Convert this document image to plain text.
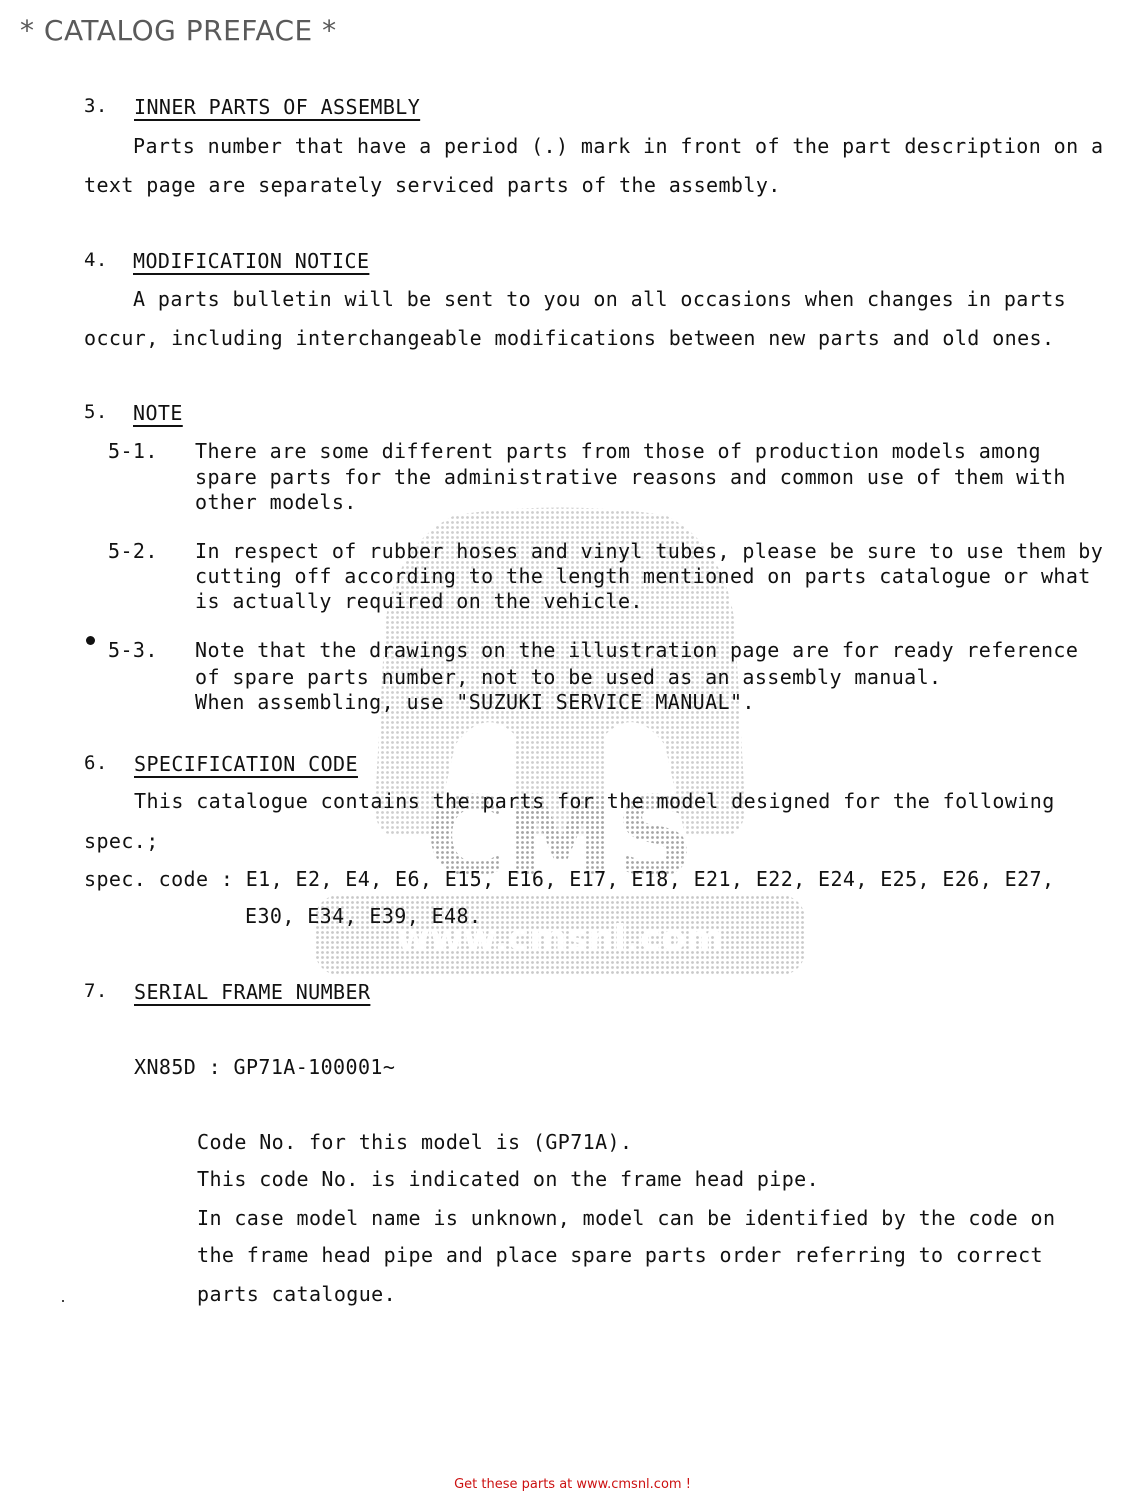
CMS
www.cmsnl.com
* CATALOG PREFACE *
3. INNER PARTS OF ASSEMBLY
Parts number that have a period (.) mark in front of the part description on a
text page are separately serviced parts of the assembly.
4. MODIFICATION NOTICE
A parts bulletin will be sent to you on all occasions when changes in parts
occur, including interchangeable modifications between new parts and old ones.
5. NOTE
5-1. There are some different parts from those of production models among
spare parts for the administrative reasons and common use of them with
other models.
5-2. In respect of rubber hoses and vinyl tubes, please be sure to use them by
cutting off according to the length mentioned on parts catalogue or what
is actually required on the vehicle.
5-3. Note that the drawings on the illustration page are for ready reference
of spare parts number, not to be used as an assembly manual.
When assembling, use "SUZUKI SERVICE MANUAL".
6. SPECIFICATION CODE
This catalogue contains the parts for the model designed for the following
spec.;
spec. code : E1, E2, E4, E6, E15, E16, E17, E18, E21, E22, E24, E25, E26, E27,
E30, E34, E39, E48.
7. SERIAL FRAME NUMBER
XN85D : GP71A-100001~
Code No. for this model is (GP71A).
This code No. is indicated on the frame head pipe.
In case model name is unknown, model can be identified by the code on
the frame head pipe and place spare parts order referring to correct
parts catalogue.
Get these parts at www.cmsnl.com !
